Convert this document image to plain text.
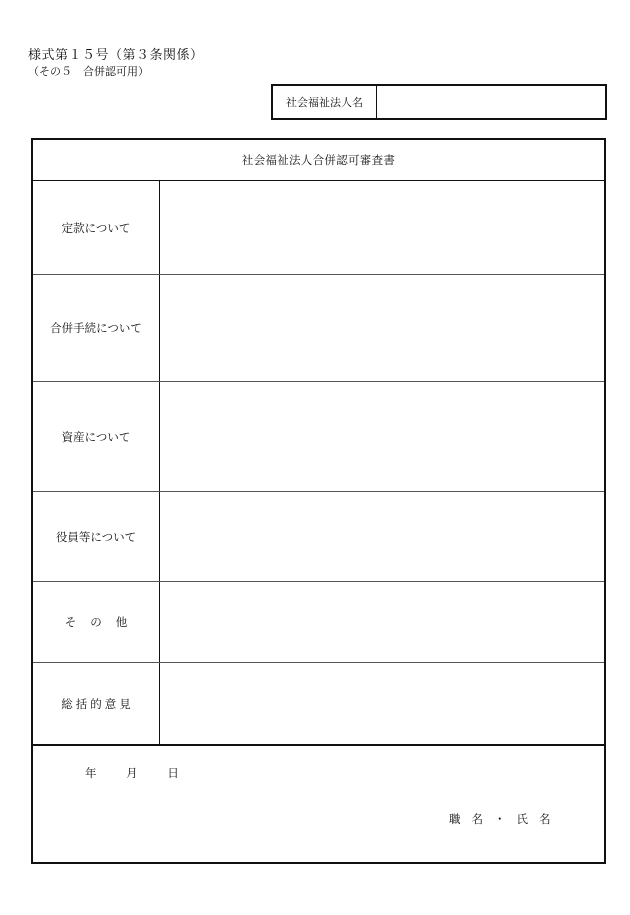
様式第１５号（第３条関係）
（その５　合併認可用）
社会福祉法人名
社会福祉法人合併認可審査書
定款について
合併手続について
資産について
役員等について
その他
総括的意見
年	月	日
職名・氏名
